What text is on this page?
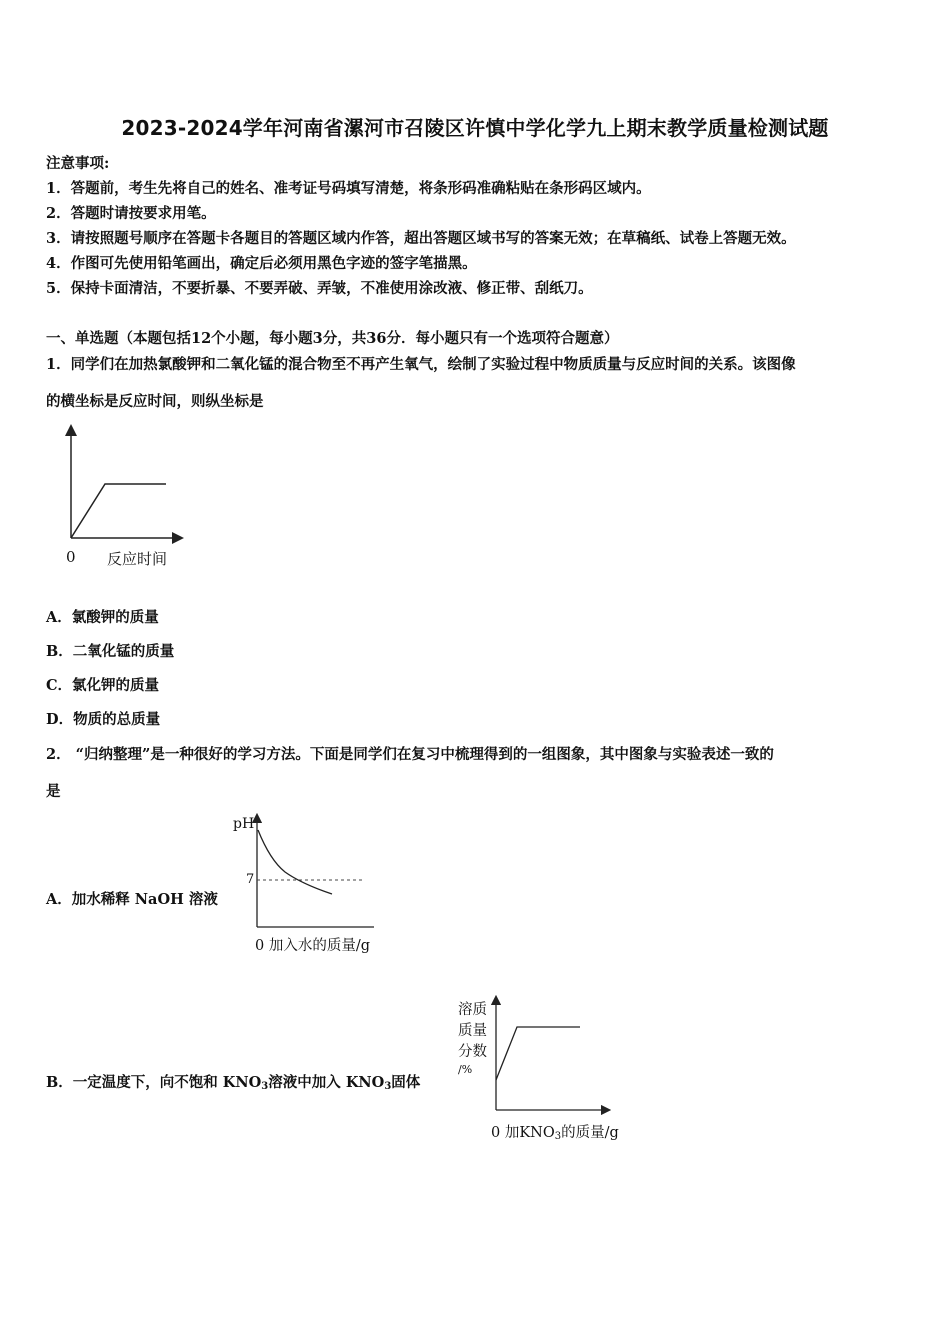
2023-2024学年河南省漯河市召陵区许慎中学化学九上期末教学质量检测试题
注意事项:
1．答题前，考生先将自己的姓名、准考证号码填写清楚，将条形码准确粘贴在条形码区域内。
2．答题时请按要求用笔。
3．请按照题号顺序在答题卡各题目的答题区域内作答，超出答题区域书写的答案无效；在草稿纸、试卷上答题无效。
4．作图可先使用铅笔画出，确定后必须用黑色字迹的签字笔描黑。
5．保持卡面清洁，不要折暴、不要弄破、弄皱，不准使用涂改液、修正带、刮纸刀。
一、单选题（本题包括12个小题，每小题3分，共36分．每小题只有一个选项符合题意）
1．同学们在加热氯酸钾和二氧化锰的混合物至不再产生氧气，绘制了实验过程中物质质量与反应时间的关系。该图像
的横坐标是反应时间，则纵坐标是
0 反应时间
A．氯酸钾的质量
B．二氧化锰的质量
C．氯化钾的质量
D．物质的总质量
2． “归纳整理”是一种很好的学习方法。下面是同学们在复习中梳理得到的一组图象，其中图象与实验表述一致的
是
A．加水稀释 NaOH 溶液
pH
7
0 加入水的质量/g
B．一定温度下，向不饱和 $KNO_3$溶液中加入 $KNO_3$固体
溶质
质量
分数
/%
0 加$KNO_3$的质量/g
